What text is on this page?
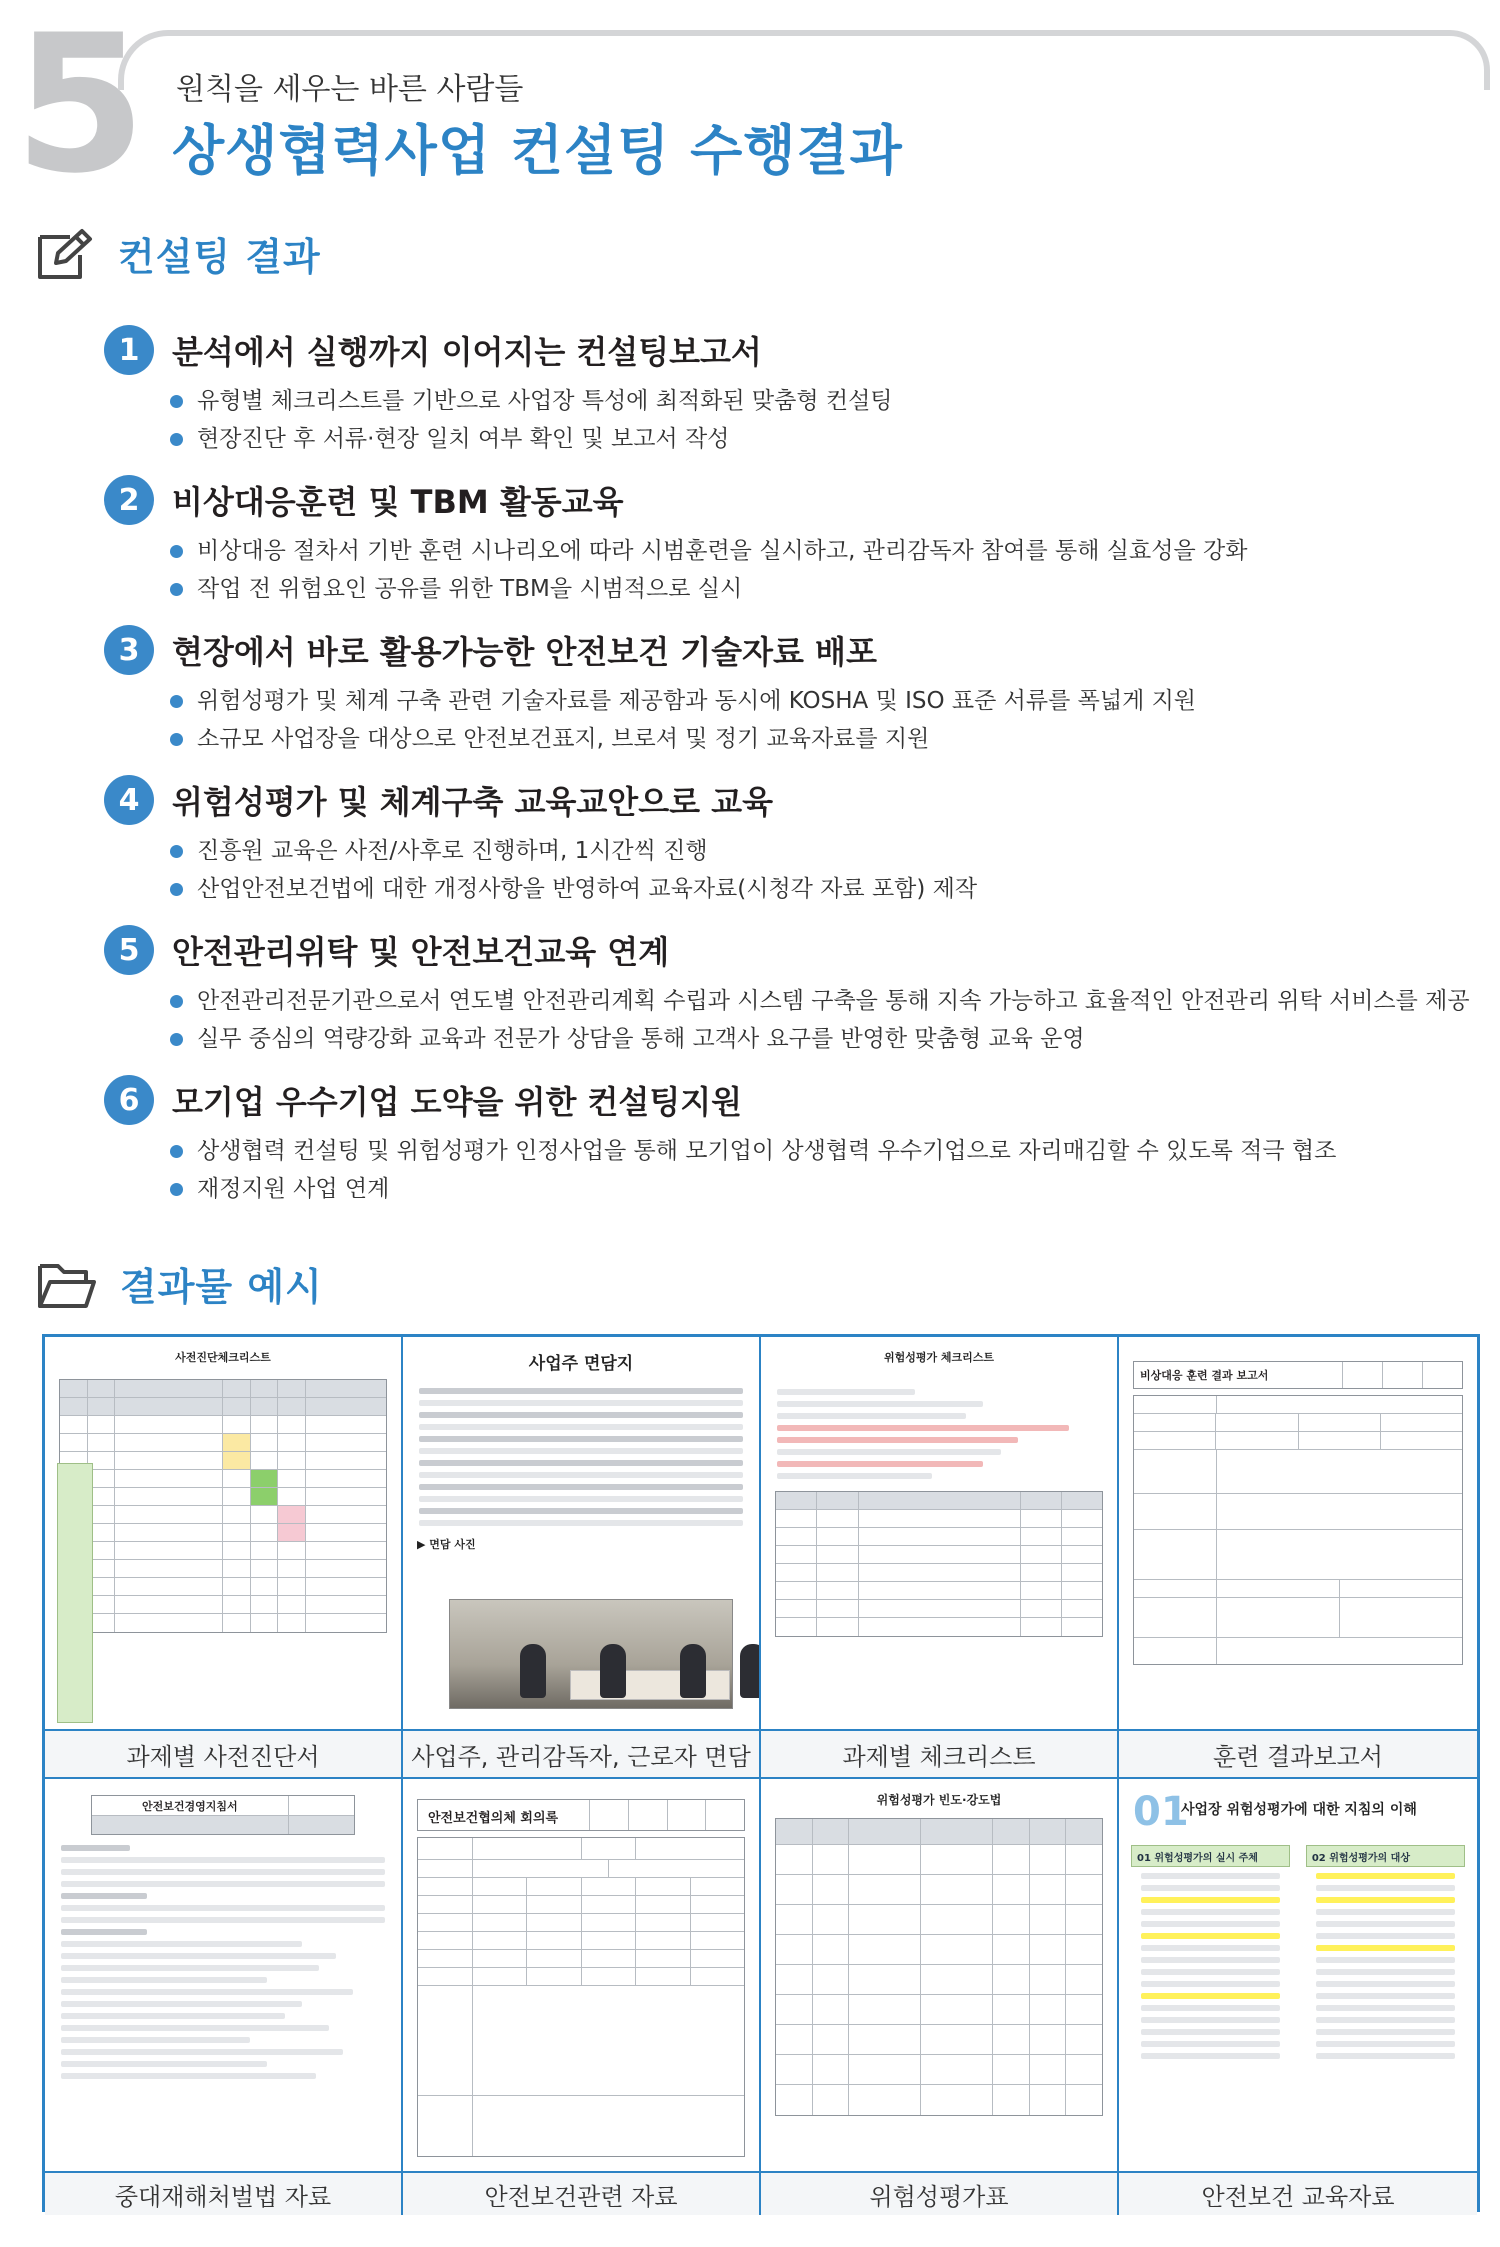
5 원칙을 세우는 바른 사람들
상생협력사업 컨설팅 수행결과
컨설팅 결과
1	분석에서 실행까지 이어지는 컨설팅보고서
유형별 체크리스트를 기반으로 사업장 특성에 최적화된 맞춤형 컨설팅
현장진단 후 서류·현장 일치 여부 확인 및 보고서 작성
2	비상대응훈련 및 TBM 활동교육
비상대응 절차서 기반 훈련 시나리오에 따라 시범훈련을 실시하고, 관리감독자 참여를 통해 실효성을 강화
작업 전 위험요인 공유를 위한 TBM을 시범적으로 실시
3	현장에서 바로 활용가능한 안전보건 기술자료 배포
위험성평가 및 체계 구축 관련 기술자료를 제공함과 동시에 KOSHA 및 ISO 표준 서류를 폭넓게 지원
소규모 사업장을 대상으로 안전보건표지, 브로셔 및 정기 교육자료를 지원
4	위험성평가 및 체계구축 교육교안으로 교육
진흥원 교육은 사전/사후로 진행하며, 1시간씩 진행
산업안전보건법에 대한 개정사항을 반영하여 교육자료(시청각 자료 포함) 제작
5	안전관리위탁 및 안전보건교육 연계
안전관리전문기관으로서 연도별 안전관리계획 수립과 시스템 구축을 통해 지속 가능하고 효율적인 안전관리 위탁 서비스를 제공
실무 중심의 역량강화 교육과 전문가 상담을 통해 고객사 요구를 반영한 맞춤형 교육 운영
6	모기업 우수기업 도약을 위한 컨설팅지원
상생협력 컨설팅 및 위험성평가 인정사업을 통해 모기업이 상생협력 우수기업으로 자리매김할 수 있도록 적극 협조
재정지원 사업 연계
결과물 예시
사전진단체크리스트	사업주 면담지
▶ 면담 사진
위험성평가 체크리스트
비상대응 훈련 결과 보고서
과제별 사전진단서	사업주, 관리감독자, 근로자 면담	과제별 체크리스트	훈련 결과보고서
안전보건경영지침서
안전보건협의체 회의록
위험성평가 빈도·강도법	01
사업장 위험성평가에 대한 지침의 이해
01 위험성평가의 실시 주체	02 위험성평가의 대상
중대재해처벌법 자료	안전보건관련 자료	위험성평가표	안전보건 교육자료
